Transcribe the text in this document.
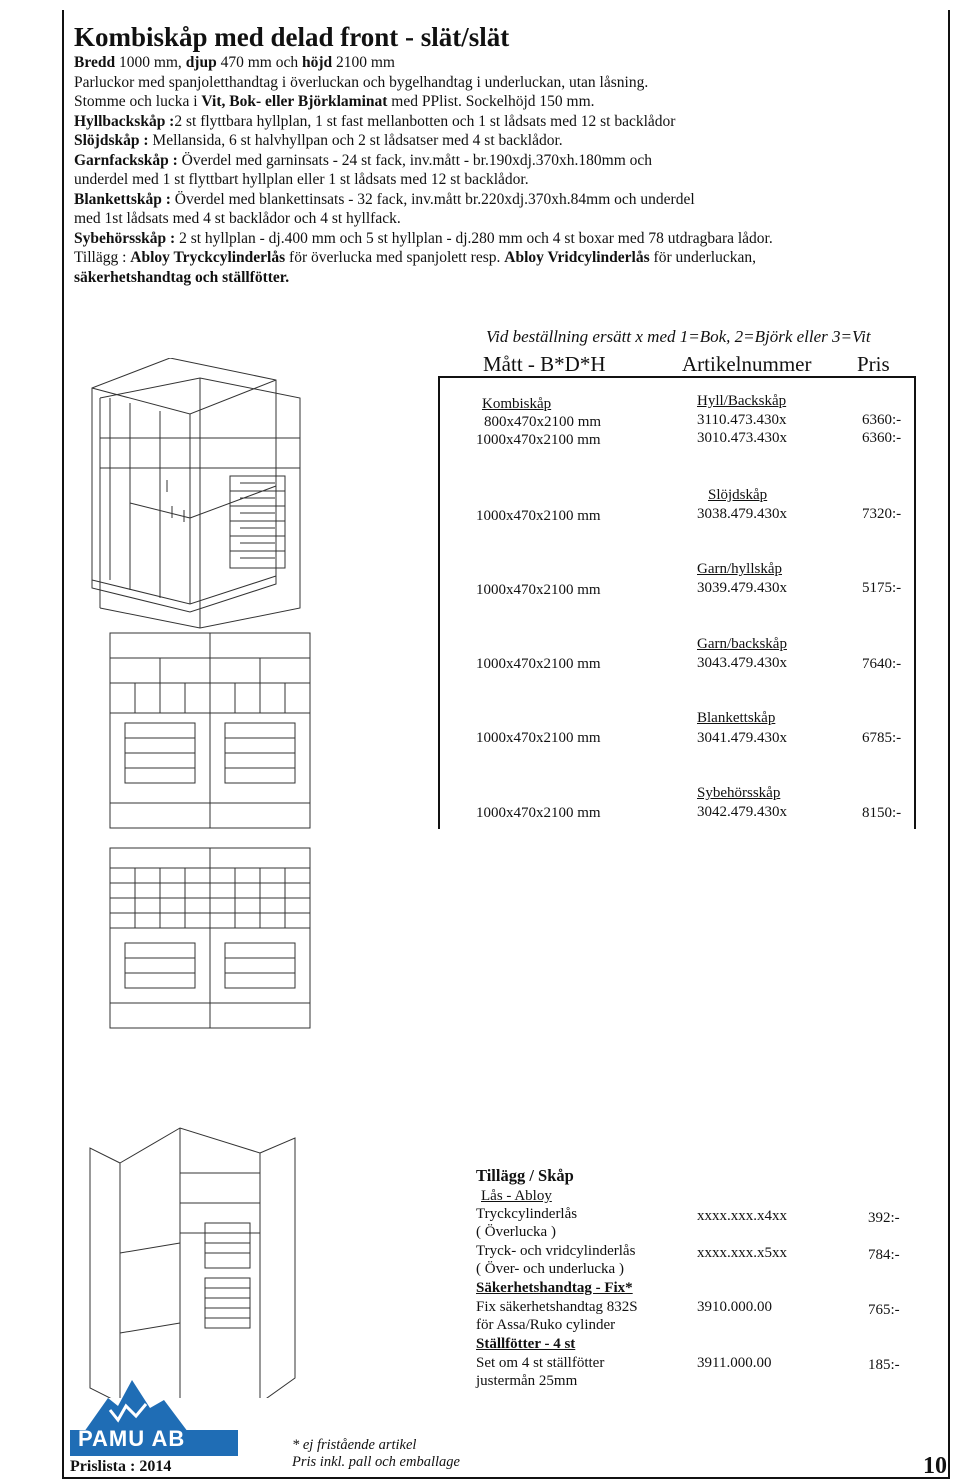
Kombiskåp med delad front - slät/slät
Bredd 1000 mm, djup 470 mm och höjd 2100 mm
Parluckor med spanjoletthandtag i överluckan och bygelhandtag i underluckan, utan låsning.
Stomme och lucka i Vit, Bok- eller Björklaminat med PPlist. Sockelhöjd 150 mm.
Hyllbackskåp :2 st flyttbara hyllplan, 1 st fast mellanbotten och 1 st lådsats med 12 st backlådor
Slöjdskåp : Mellansida, 6 st halvhyllpan och 2 st lådsatser med 4 st backlådor.
Garnfackskåp : Överdel med garninsats - 24 st fack, inv.mått - br.190xdj.370xh.180mm och
underdel med 1 st flyttbart hyllplan eller 1 st lådsats med 12 st backlådor.
Blankettskåp : Överdel med blankettinsats - 32 fack, inv.mått br.220xdj.370xh.84mm och underdel
med 1st lådsats med 4 st backlådor och 4 st hyllfack.
Sybehörsskåp : 2 st hyllplan - dj.400 mm och 5 st hyllplan - dj.280 mm och 4 st boxar med 78 utdragbara lådor.
Tillägg : Abloy Tryckcylinderlås för överlucka med spanjolett resp. Abloy Vridcylinderlås för underluckan,
säkerhetshandtag och ställfötter.
Vid beställning ersätt x med 1=Bok, 2=Björk eller 3=Vit
Mått - B*D*H	Artikelnummer Pris
Kombiskåp	Hyll/Backskåp
800x470x2100 mm	3110.473.430x	6360:-
1000x470x2100 mm	3010.473.430x	6360:-
Slöjdskåp
1000x470x2100 mm	3038.479.430x	7320:-
Garn/hyllskåp
1000x470x2100 mm	3039.479.430x	5175:-
Garn/backskåp
1000x470x2100 mm	3043.479.430x	7640:-
Blankettskåp
1000x470x2100 mm	3041.479.430x	6785:-
Sybehörsskåp
1000x470x2100 mm	3042.479.430x	8150:-
Tillägg / Skåp
Lås - Abloy
Tryckcylinderlås
( Överlucka )
xxxx.xxx.x4xx	392:-
Tryck- och vridcylinderlås
( Över- och underlucka )
xxxx.xxx.x5xx	784:-
Säkerhetshandtag - Fix*
Fix säkerhetshandtag 832S
för Assa/Ruko cylinder
3910.000.00	765:-
Ställfötter - 4 st
Set om 4 st ställfötter
justermån 25mm
3911.000.00	185:-
PAMU AB
Prislista : 2014
* ej fristående artikel
Pris inkl. pall och emballage	10
